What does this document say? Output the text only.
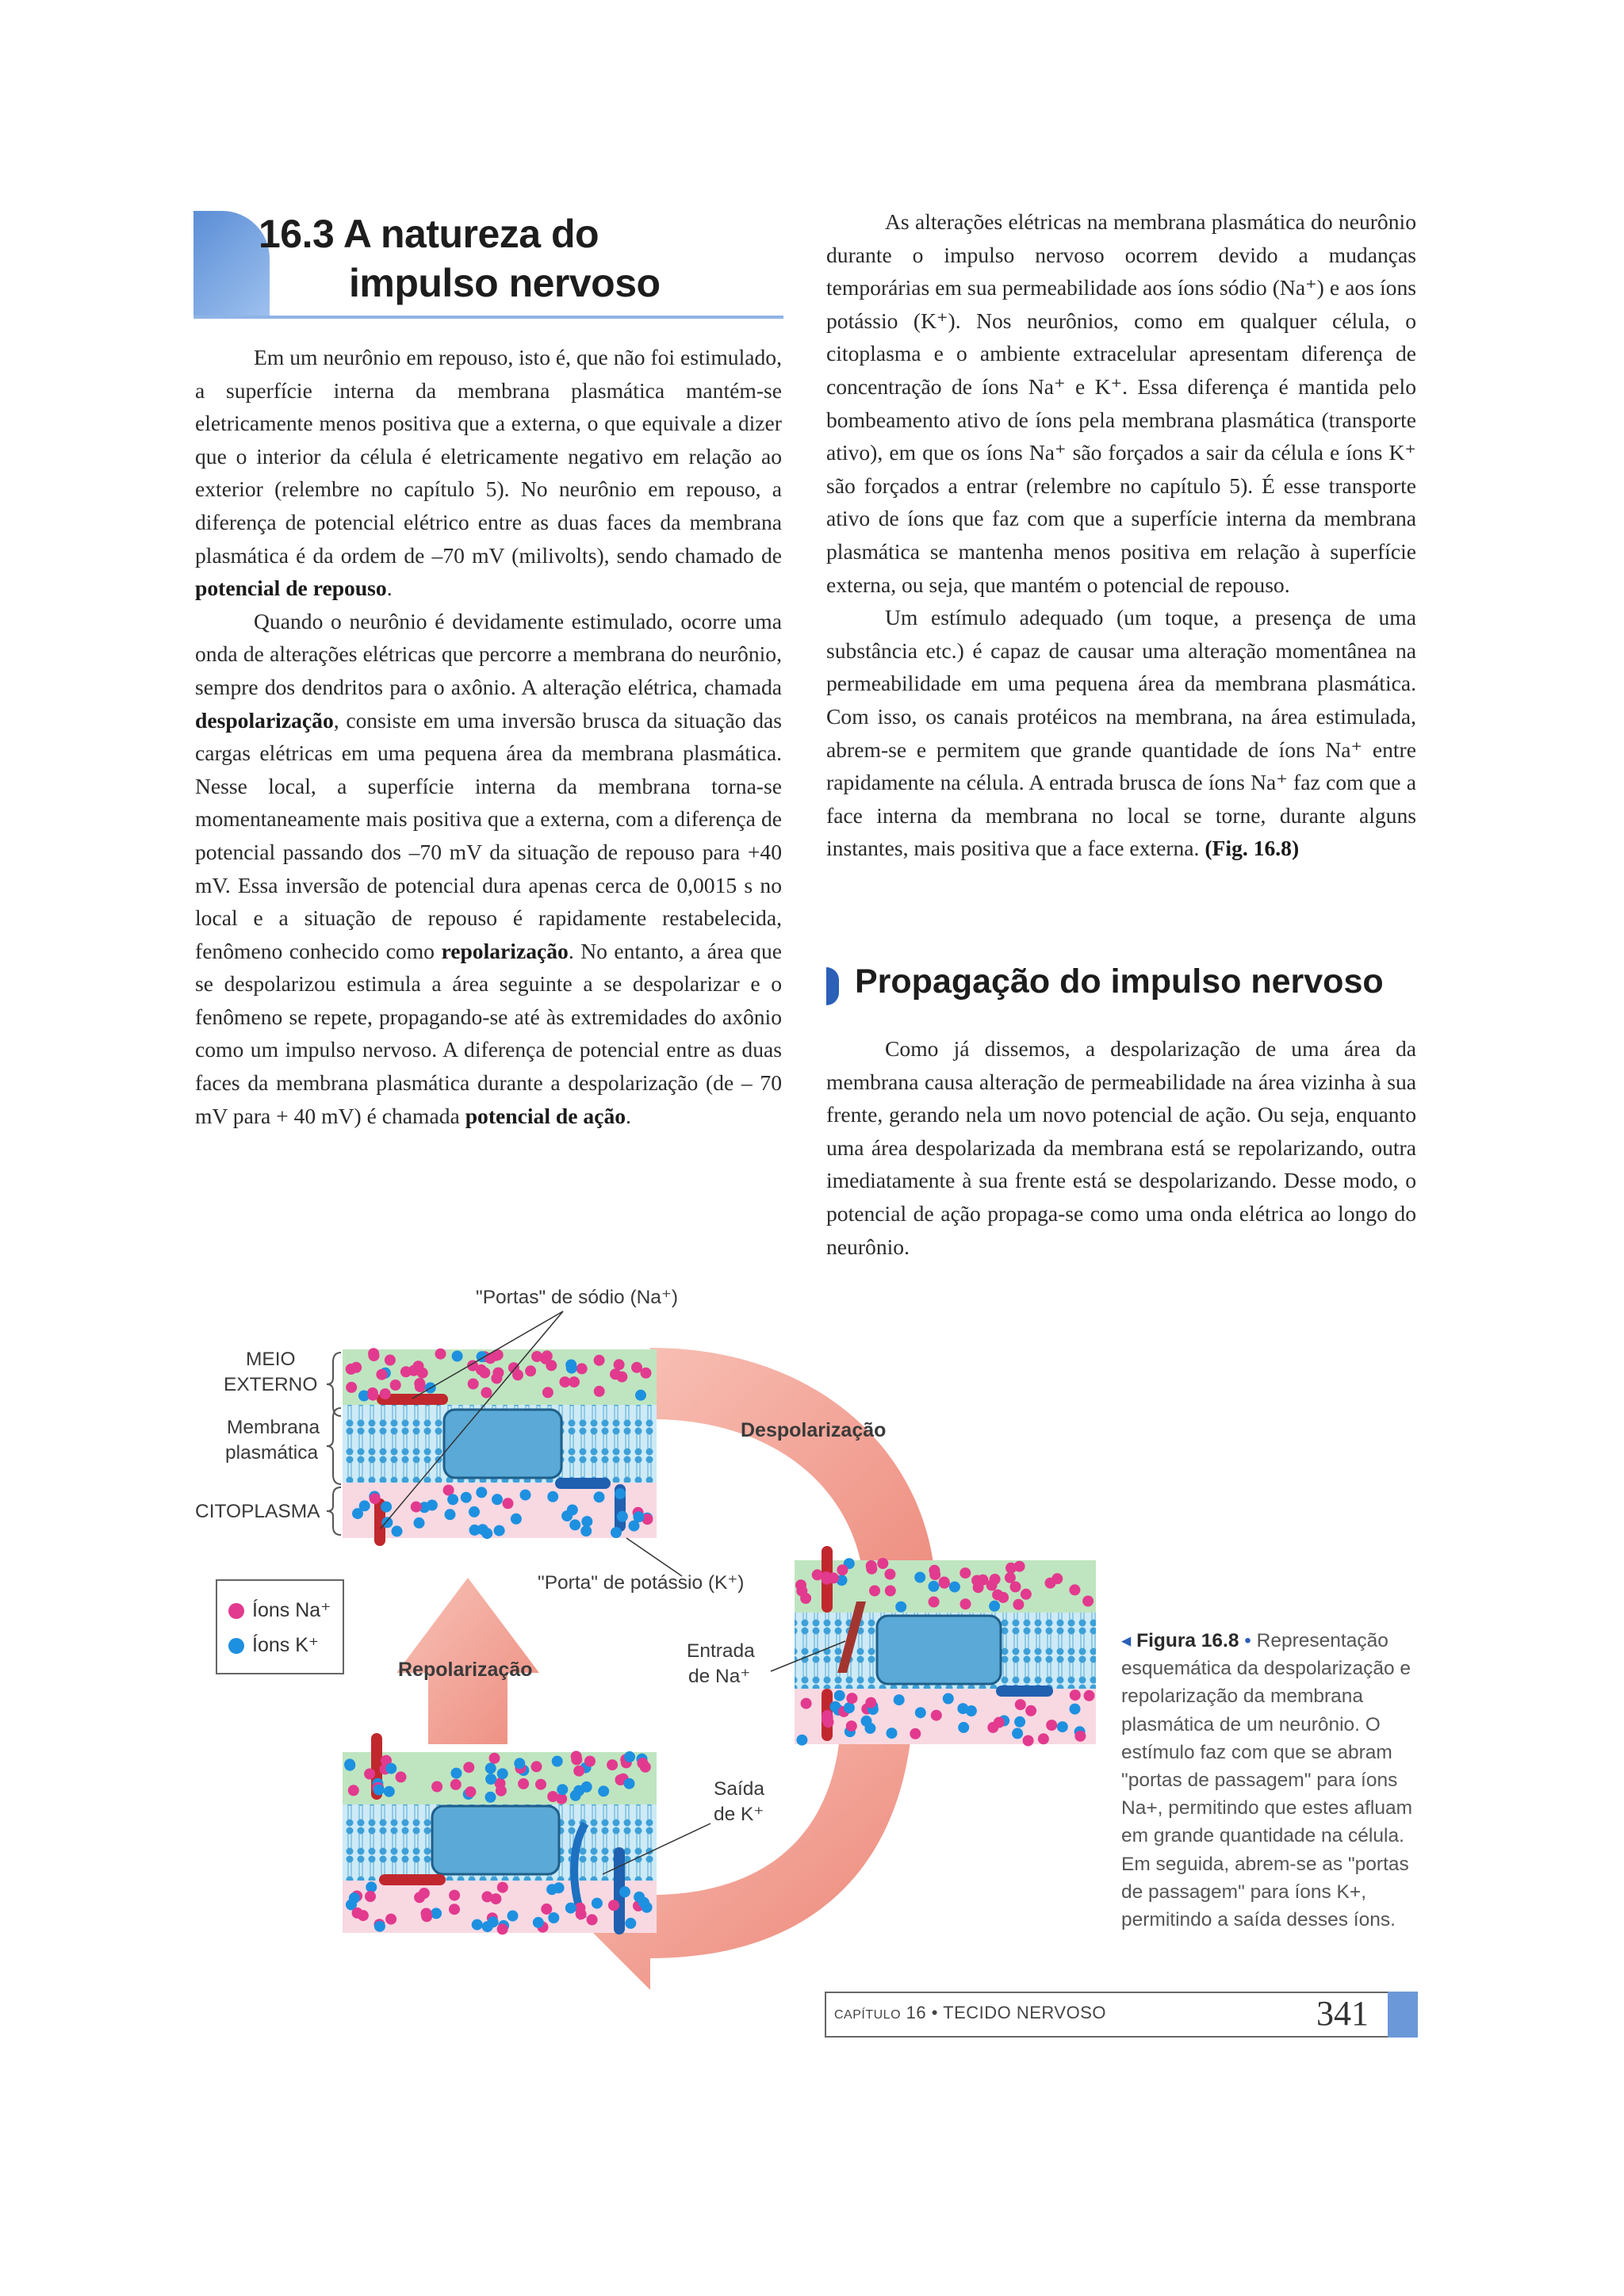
16.3 A natureza do
impulso nervoso

Em um neurônio em repouso, isto é, que não foi estimulado, a superfície interna da membrana plasmática mantém-se eletricamente menos positiva que a externa, o que equivale a dizer que o interior da célula é eletricamente negativo em relação ao exterior (relembre no capítulo 5). No neurônio em repouso, a diferença de potencial elétrico entre as duas faces da membrana plasmática é da ordem de –70 mV (milivolts), sendo chamado de potencial de repouso.

Quando o neurônio é devidamente estimulado, ocorre uma onda de alterações elétricas que percorre a membrana do neurônio, sempre dos dendritos para o axônio. A alteração elétrica, chamada despolarização, consiste em uma inversão brusca da situação das cargas elétricas em uma pequena área da membrana plasmática. Nesse local, a superfície interna da membrana torna-se momentaneamente mais positiva que a externa, com a diferença de potencial passando dos –70 mV da situação de repouso para +40 mV. Essa inversão de potencial dura apenas cerca de 0,0015 s no local e a situação de repouso é rapidamente restabelecida, fenômeno conhecido como repolarização. No entanto, a área que se despolarizou estimula a área seguinte a se despolarizar e o fenômeno se repete, propagando-se até às extremidades do axônio como um impulso nervoso. A diferença de potencial entre as duas faces da membrana plasmática durante a despolarização (de – 70 mV para + 40 mV) é chamada potencial de ação.

As alterações elétricas na membrana plasmática do neurônio durante o impulso nervoso ocorrem devido a mudanças temporárias em sua permeabilidade aos íons sódio (Na⁺) e aos íons potássio (K⁺). Nos neurônios, como em qualquer célula, o citoplasma e o ambiente extracelular apresentam diferença de concentração de íons Na⁺ e K⁺. Essa diferença é mantida pelo bombeamento ativo de íons pela membrana plasmática (transporte ativo), em que os íons Na⁺ são forçados a sair da célula e íons K⁺ são forçados a entrar (relembre no capítulo 5). É esse transporte ativo de íons que faz com que a superfície interna da membrana plasmática se mantenha menos positiva em relação à superfície externa, ou seja, que mantém o potencial de repouso.

Um estímulo adequado (um toque, a presença de uma substância etc.) é capaz de causar uma alteração momentânea na permeabilidade em uma pequena área da membrana plasmática. Com isso, os canais protéicos na membrana, na área estimulada, abrem-se e permitem que grande quantidade de íons Na⁺ entre rapidamente na célula. A entrada brusca de íons Na⁺ faz com que a face interna da membrana no local se torne, durante alguns instantes, mais positiva que a face externa. (Fig. 16.8)

Propagação do impulso nervoso

Como já dissemos, a despolarização de uma área da membrana causa alteração de permeabilidade na área vizinha à sua frente, gerando nela um novo potencial de ação. Ou seja, enquanto uma área despolarizada da membrana está se repolarizando, outra imediatamente à sua frente está se despolarizando. Desse modo, o potencial de ação propaga-se como uma onda elétrica ao longo do neurônio.

"Portas" de sódio (Na⁺)
MEIO
EXTERNO
Membrana
plasmática
CITOPLASMA
"Porta" de potássio (K⁺)
Despolarização
Repolarização
Entrada
de Na⁺
Saída
de K⁺
Íons Na⁺
Íons K⁺	◂ Figura 16.8 • Representação esquemática da despolarização e repolarização da membrana plasmática de um neurônio. O estímulo faz com que se abram "portas de passagem" para íons Na+, permitindo que estes afluam em grande quantidade na célula. Em seguida, abrem-se as "portas de passagem" para íons K+, permitindo a saída desses íons.
CAPÍTULO 16 • TECIDO NERVOSO	341
